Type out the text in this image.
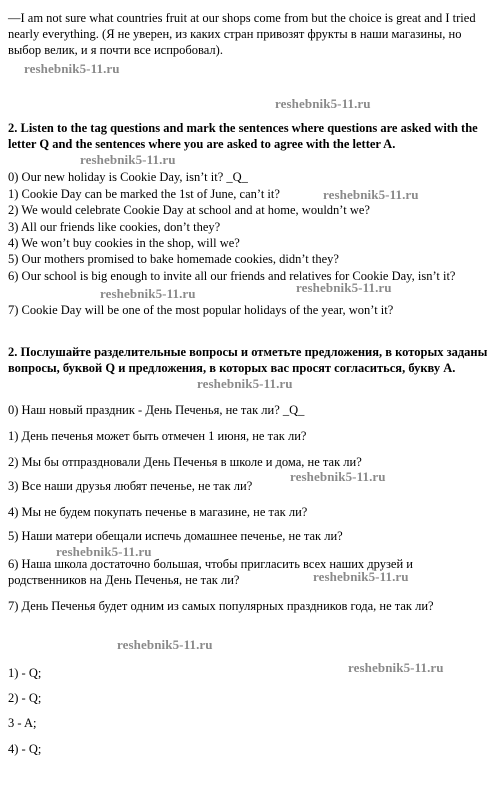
—I am not sure what countries fruit at our shops come from but the choice is great and I tried nearly everything. (Я не уверен, из каких стран привозят фрукты в наши магазины, но выбор велик, и я почти все испробовал).
2. Listen to the tag questions and mark the sentences where questions are asked with the letter Q and the sentences where you are asked to agree with the letter A.
0) Our new holiday is Cookie Day, isn’t it? _Q_
1) Cookie Day can be marked the 1st of June, can’t it?
2) We would celebrate Cookie Day at school and at home, wouldn’t we?
3) All our friends like cookies, don’t they?
4) We won’t buy cookies in the shop, will we?
5) Our mothers promised to bake homemade cookies, didn’t they?
6) Our school is big enough to invite all our friends and relatives for Cookie Day, isn’t it?
7) Cookie Day will be one of the most popular holidays of the year, won’t it?
2. Послушайте разделительные вопросы и отметьте предложения, в которых заданы вопросы, буквой Q и предложения, в которых вас просят согласиться, букву A.
0) Наш новый праздник - День Печенья, не так ли? _Q_
1) День печенья может быть отмечен 1 июня, не так ли?
2) Мы бы отпраздновали День Печенья в школе и дома, не так ли?
3) Все наши друзья любят печенье, не так ли?
4) Мы не будем покупать печенье в магазине, не так ли?
5) Наши матери обещали испечь домашнее печенье, не так ли?
6) Наша школа достаточно большая, чтобы пригласить всех наших друзей и родственников на День Печенья, не так ли?
7) День Печенья будет одним из самых популярных праздников года, не так ли?
1) - Q;
2) - Q;
3 - A;
4) - Q;
reshebnik5-11.ru
reshebnik5-11.ru
reshebnik5-11.ru
reshebnik5-11.ru
reshebnik5-11.ru
reshebnik5-11.ru
reshebnik5-11.ru
reshebnik5-11.ru
reshebnik5-11.ru
reshebnik5-11.ru
reshebnik5-11.ru
reshebnik5-11.ru
